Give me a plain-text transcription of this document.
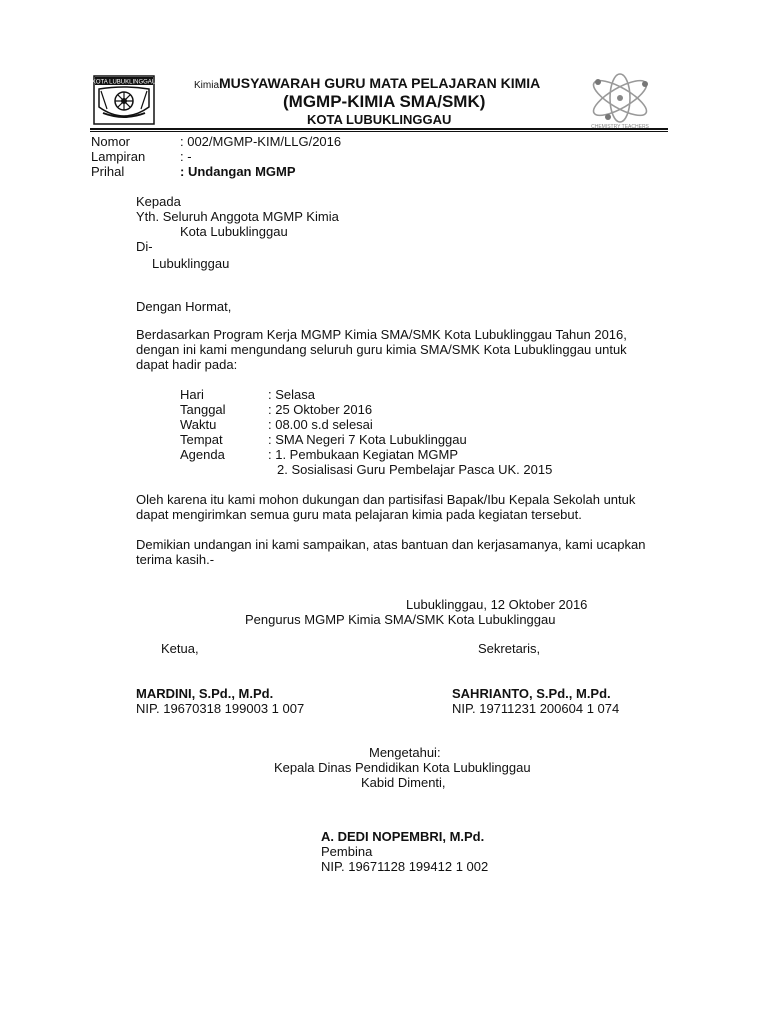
KOTA LUBUKLINGGAU
CHEMISTRY TEACHERS
KimiaMUSYAWARAH GURU MATA PELAJARAN KIMIA
(MGMP-KIMIA SMA/SMK)
KOTA LUBUKLINGGAU
Nomor	: 002/MGMP-KIM/LLG/2016
Lampiran	: -
Prihal	: Undangan MGMP
Kepada
Yth. Seluruh Anggota MGMP Kimia
Kota Lubuklinggau
Di-
Lubuklinggau
Dengan Hormat,
Berdasarkan Program Kerja MGMP Kimia SMA/SMK Kota Lubuklinggau Tahun 2016,
dengan ini kami mengundang seluruh guru kimia SMA/SMK Kota Lubuklinggau untuk
dapat hadir pada:
Hari	: Selasa
Tanggal	: 25 Oktober 2016
Waktu	: 08.00 s.d selesai
Tempat	: SMA Negeri 7 Kota Lubuklinggau
Agenda	: 1. Pembukaan Kegiatan MGMP
2. Sosialisasi Guru Pembelajar Pasca UK. 2015
Oleh karena itu kami mohon dukungan dan partisifasi Bapak/Ibu Kepala Sekolah untuk
dapat mengirimkan semua guru mata pelajaran kimia pada kegiatan tersebut.
Demikian undangan ini kami sampaikan, atas bantuan dan kerjasamanya, kami ucapkan
terima kasih.-
Lubuklinggau, 12 Oktober 2016
Pengurus MGMP Kimia SMA/SMK Kota Lubuklinggau
Ketua,	Sekretaris,
MARDINI, S.Pd., M.Pd.
NIP. 19670318 199003 1 007
SAHRIANTO, S.Pd., M.Pd.
NIP. 19711231 200604 1 074
Mengetahui:
Kepala Dinas Pendidikan Kota Lubuklinggau
Kabid Dimenti,
A. DEDI NOPEMBRI, M.Pd.
Pembina
NIP. 19671128 199412 1 002
